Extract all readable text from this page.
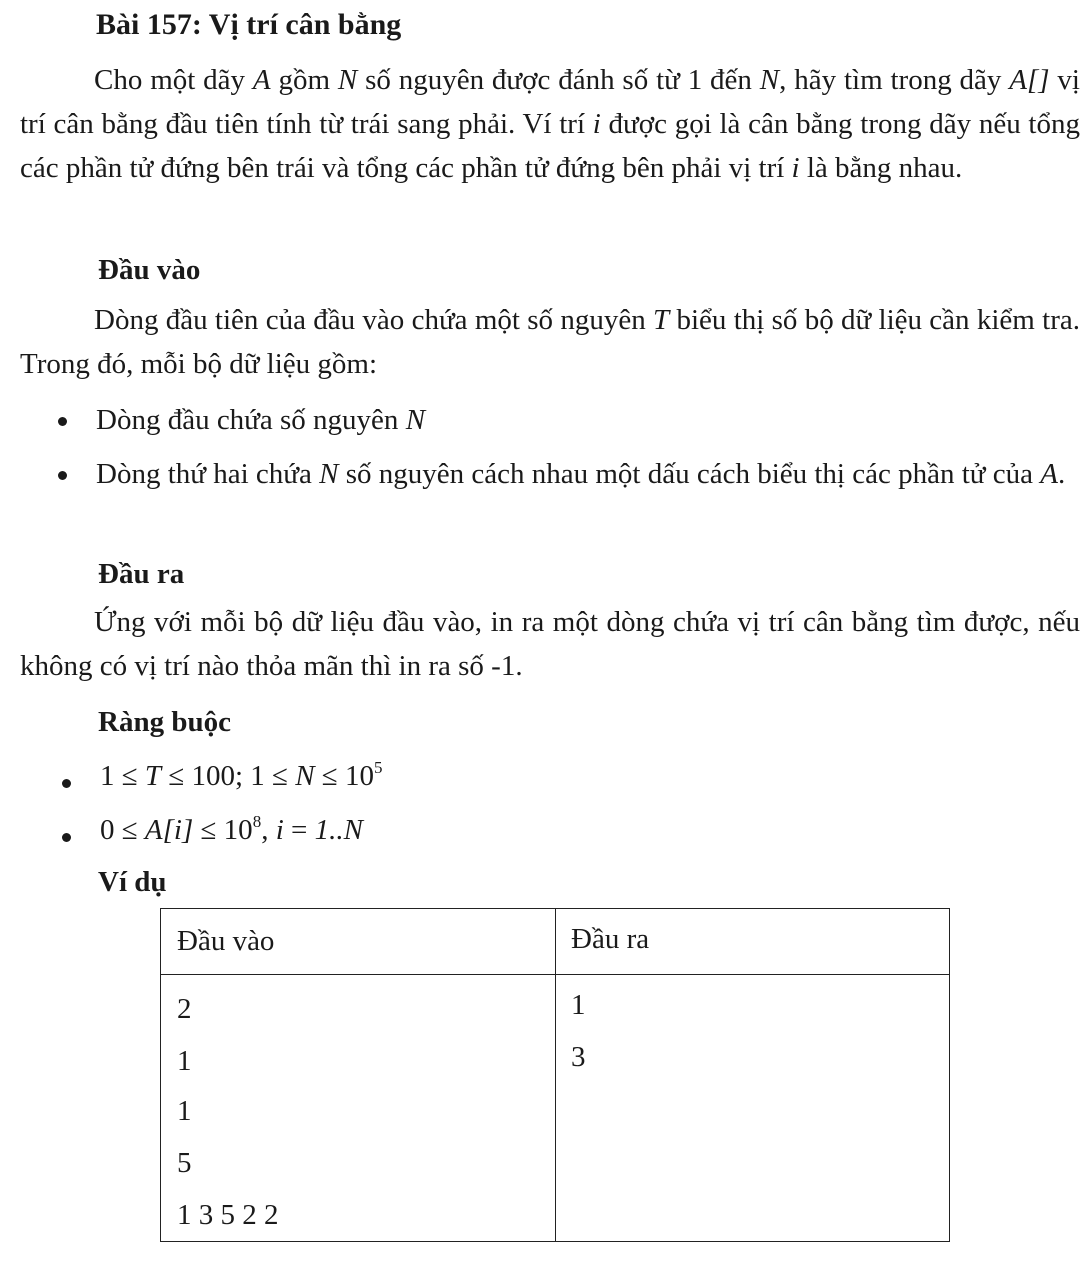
Bài 157: Vị trí cân bằng
Cho một dãy A gồm N số nguyên được đánh số từ 1 đến N, hãy tìm trong dãy A[] vị trí cân bằng đầu tiên tính từ trái sang phải. Ví trí i được gọi là cân bằng trong dãy nếu tổng các phần tử đứng bên trái và tổng các phần tử đứng bên phải vị trí i là bằng nhau.
Đầu vào
Dòng đầu tiên của đầu vào chứa một số nguyên T biểu thị số bộ dữ liệu cần kiểm tra. Trong đó, mỗi bộ dữ liệu gồm:
Dòng đầu chứa số nguyên N
Dòng thứ hai chứa N số nguyên cách nhau một dấu cách biểu thị các phần tử của A.
Đầu ra
Ứng với mỗi bộ dữ liệu đầu vào, in ra một dòng chứa vị trí cân bằng tìm được, nếu không có vị trí nào thỏa mãn thì in ra số -1.
Ràng buộc
1 ≤ T ≤ 100; $1 \le N \le 10^5$
$0 \le A[i] \le 10^8$, i = 1..N
Ví dụ
Đầu vào	Đầu ra
2
1
1
5
1 3 5 2 2
1
3
